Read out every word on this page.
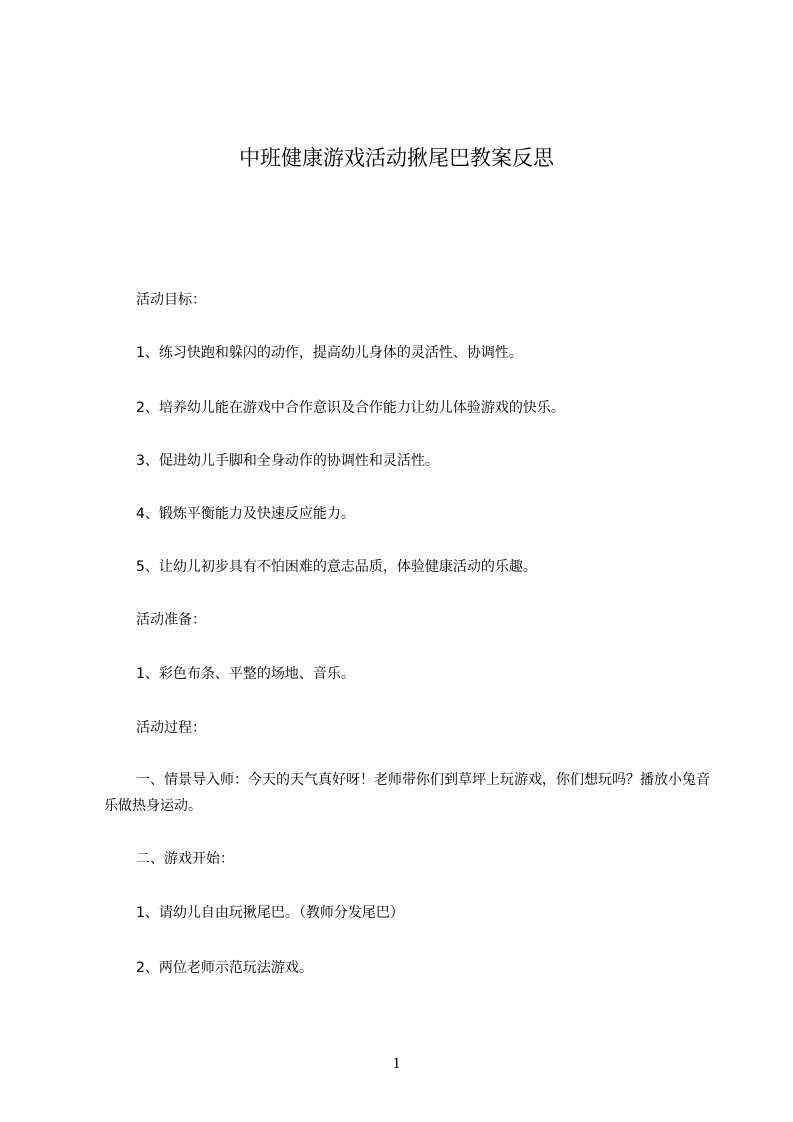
中班健康游戏活动揪尾巴教案反思

活动目标：

1、练习快跑和躲闪的动作，提高幼儿身体的灵活性、协调性。

2、培养幼儿能在游戏中合作意识及合作能力让幼儿体验游戏的快乐。

3、促进幼儿手脚和全身动作的协调性和灵活性。

4、锻炼平衡能力及快速反应能力。

5、让幼儿初步具有不怕困难的意志品质，体验健康活动的乐趣。

活动准备：

1、彩色布条、平整的场地、音乐。

活动过程：

一、情景导入师：今天的天气真好呀！老师带你们到草坪上玩游戏，你们想玩吗？播放小兔音乐做热身运动。

二、游戏开始：

1、请幼儿自由玩揪尾巴。（教师分发尾巴）

2、两位老师示范玩法游戏。

1
